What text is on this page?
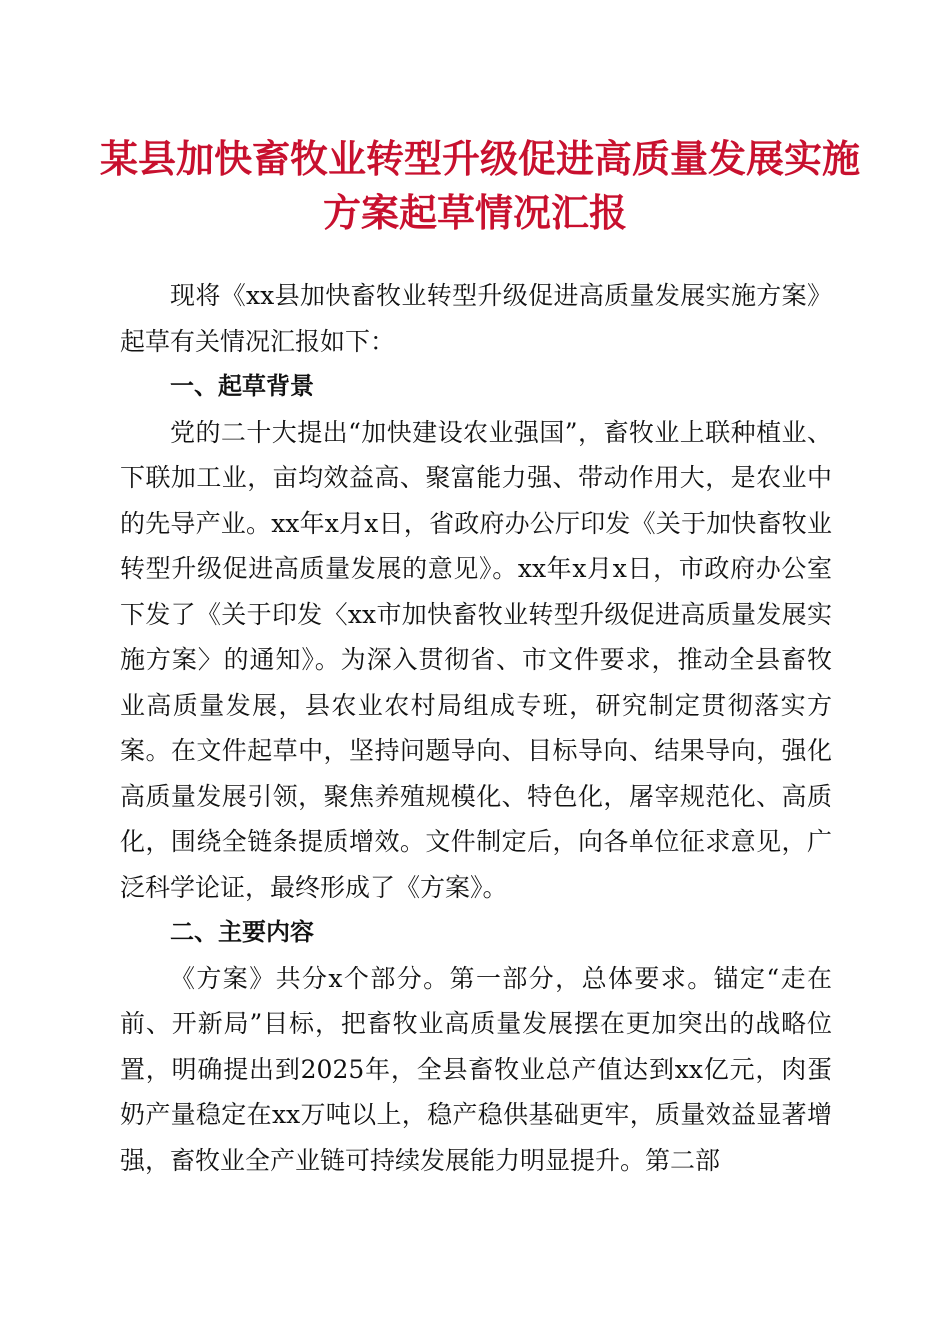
某县加快畜牧业转型升级促进高质量发展实施
方案起草情况汇报

现将《xx县加快畜牧业转型升级促进高质量发展实施方案》起草有关情况汇报如下：

一、起草背景

党的二十大提出“加快建设农业强国”，畜牧业上联种植业、下联加工业，亩均效益高、聚富能力强、带动作用大，是农业中的先导产业。xx年x月x日，省政府办公厅印发《关于加快畜牧业转型升级促进高质量发展的意见》。xx年x月x日，市政府办公室下发了《关于印发〈xx市加快畜牧业转型升级促进高质量发展实施方案〉的通知》。为深入贯彻省、市文件要求，推动全县畜牧业高质量发展，县农业农村局组成专班，研究制定贯彻落实方案。在文件起草中，坚持问题导向、目标导向、结果导向，强化高质量发展引领，聚焦养殖规模化、特色化，屠宰规范化、高质化，围绕全链条提质增效。文件制定后，向各单位征求意见，广泛科学论证，最终形成了《方案》。

二、主要内容

《方案》共分x个部分。第一部分，总体要求。锚定“走在前、开新局”目标，把畜牧业高质量发展摆在更加突出的战略位置，明确提出到2025年，全县畜牧业总产值达到xx亿元，肉蛋奶产量稳定在xx万吨以上，稳产稳供基础更牢，质量效益显著增强，畜牧业全产业链可持续发展能力明显提升。第二部
